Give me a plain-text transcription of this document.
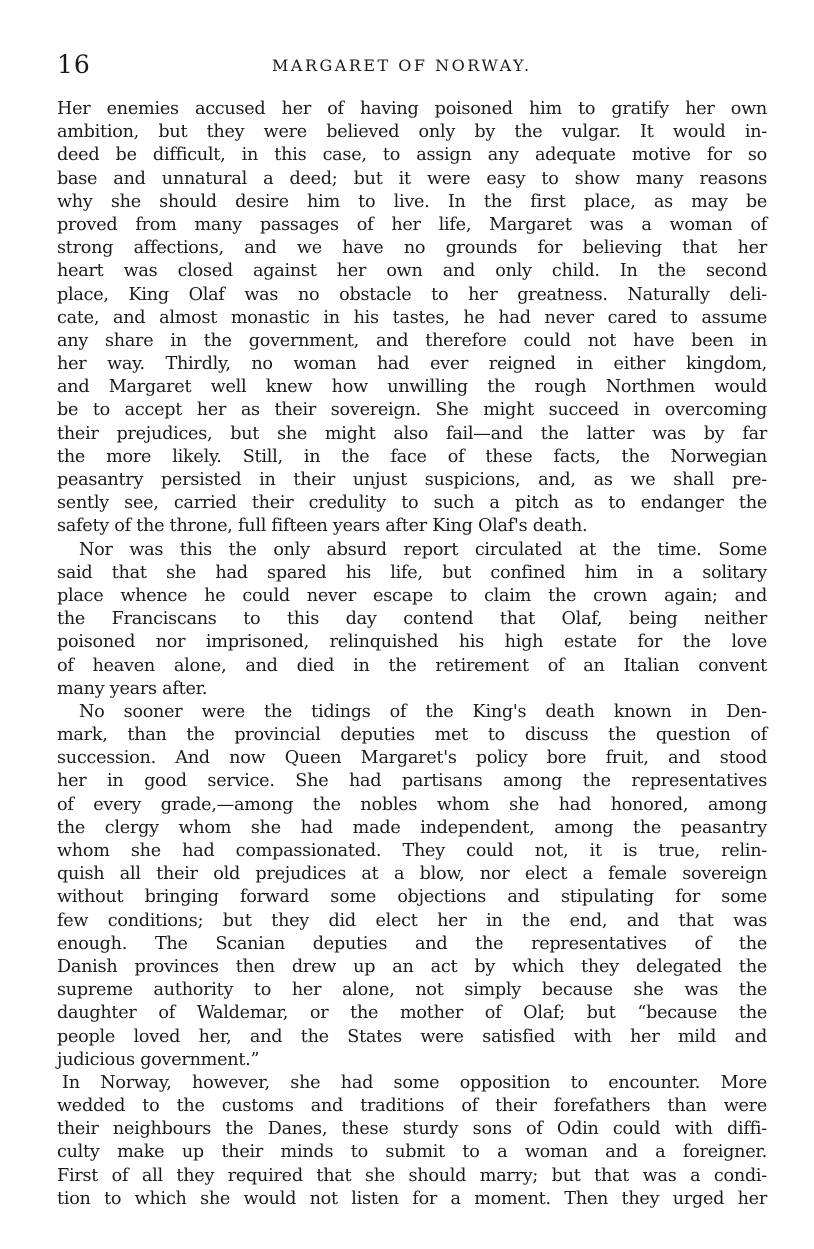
16	MARGARET OF NORWAY.
Her enemies accused her of having poisoned him to gratify her own
ambition, but they were believed only by the vulgar. It would in-
deed be difficult, in this case, to assign any adequate motive for so
base and unnatural a deed; but it were easy to show many reasons
why she should desire him to live. In the first place, as may be
proved from many passages of her life, Margaret was a woman of
strong affections, and we have no grounds for believing that her
heart was closed against her own and only child. In the second
place, King Olaf was no obstacle to her greatness. Naturally deli-
cate, and almost monastic in his tastes, he had never cared to assume
any share in the government, and therefore could not have been in
her way. Thirdly, no woman had ever reigned in either kingdom,
and Margaret well knew how unwilling the rough Northmen would
be to accept her as their sovereign. She might succeed in overcoming
their prejudices, but she might also fail—and the latter was by far
the more likely. Still, in the face of these facts, the Norwegian
peasantry persisted in their unjust suspicions, and, as we shall pre-
sently see, carried their credulity to such a pitch as to endanger the
safety of the throne, full fifteen years after King Olaf's death.
Nor was this the only absurd report circulated at the time. Some
said that she had spared his life, but confined him in a solitary
place whence he could never escape to claim the crown again; and
the Franciscans to this day contend that Olaf, being neither
poisoned nor imprisoned, relinquished his high estate for the love
of heaven alone, and died in the retirement of an Italian convent
many years after.
No sooner were the tidings of the King's death known in Den-
mark, than the provincial deputies met to discuss the question of
succession. And now Queen Margaret's policy bore fruit, and stood
her in good service. She had partisans among the representatives
of every grade,—among the nobles whom she had honored, among
the clergy whom she had made independent, among the peasantry
whom she had compassionated. They could not, it is true, relin-
quish all their old prejudices at a blow, nor elect a female sovereign
without bringing forward some objections and stipulating for some
few conditions; but they did elect her in the end, and that was
enough. The Scanian deputies and the representatives of the
Danish provinces then drew up an act by which they delegated the
supreme authority to her alone, not simply because she was the
daughter of Waldemar, or the mother of Olaf; but “because the
people loved her, and the States were satisfied with her mild and
judicious government.”
In Norway, however, she had some opposition to encounter. More
wedded to the customs and traditions of their forefathers than were
their neighbours the Danes, these sturdy sons of Odin could with diffi-
culty make up their minds to submit to a woman and a foreigner.
First of all they required that she should marry; but that was a condi-
tion to which she would not listen for a moment. Then they urged her
